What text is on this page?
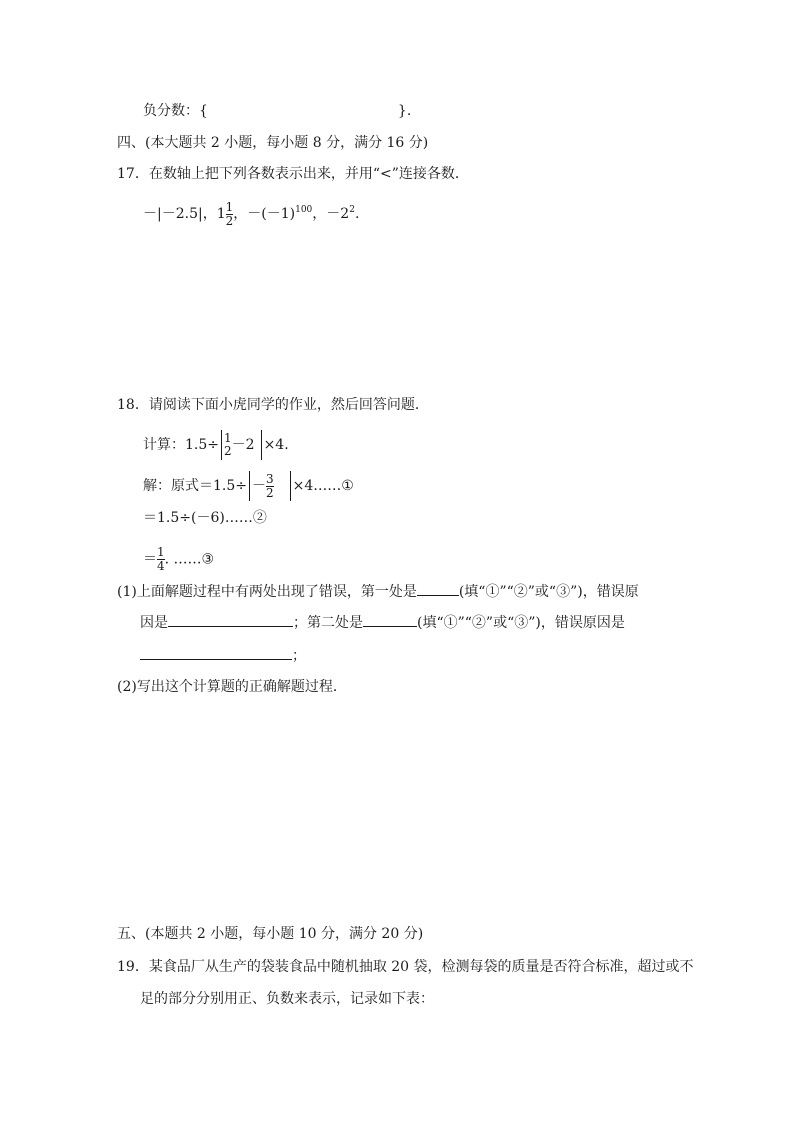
负分数：{	}.
四、(本大题共 2 小题，每小题 8 分，满分 16 分)
17．在数轴上把下列各数表示出来，并用“<”连接各数．
－|－2.5|，$1 \frac{1}{2}$ ，$-(-1)^{100}$，$-2^2$.
18．请阅读下面小虎同学的作业，然后回答问题．
计算：1.5÷ 1
2 －2 ×4.
解：原式$=1.5\div - \frac{3}{2}$ ×4……①
＝1.5÷(－6)……②
＝ $\frac{1}{4}$ . ……③
(1)上面解题过程中有两处出现了错误，第一处是	(填“①”“②”或“③”)，错误原
因是	；第二处是	(填“①”“②”或“③”)，错误原因是
；
(2)写出这个计算题的正确解题过程．
五、(本题共 2 小题，每小题 10 分，满分 20 分)
19．某食品厂从生产的袋装食品中随机抽取 20 袋，检测每袋的质量是否符合标准，超过或不
足的部分分别用正、负数来表示，记录如下表：
